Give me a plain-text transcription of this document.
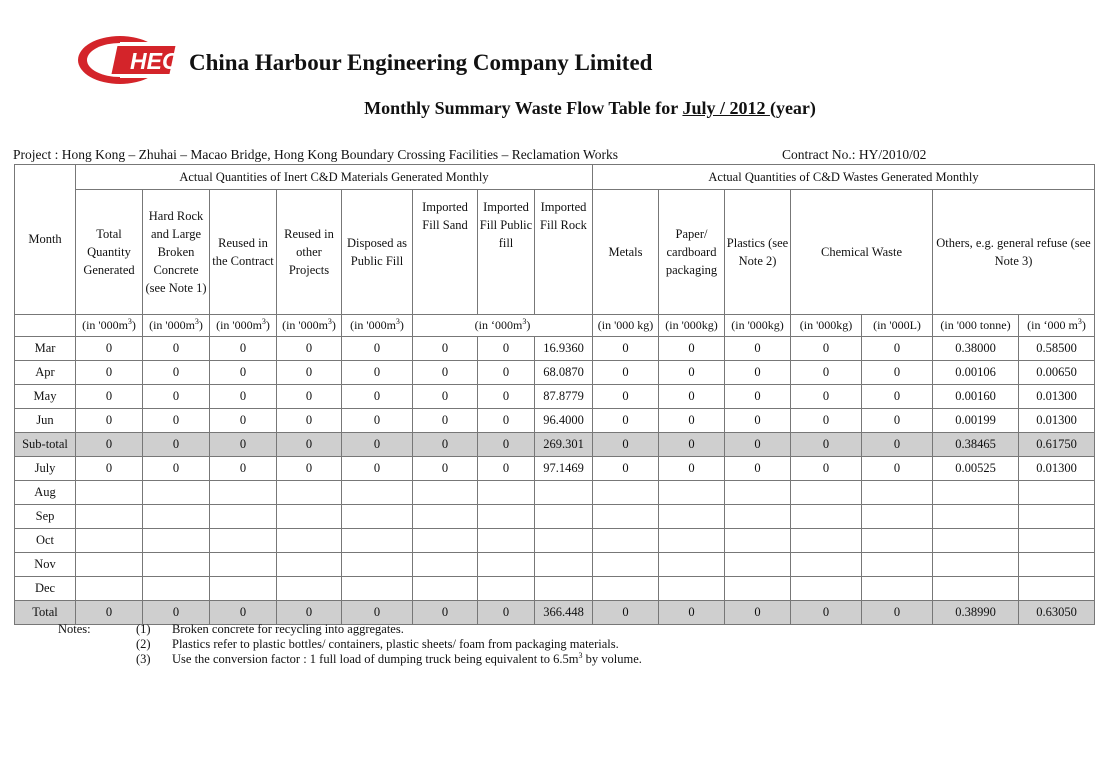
HEC China Harbour Engineering Company Limited
Monthly Summary Waste Flow Table for July / 2012 (year)
Project : Hong Kong – Zhuhai – Macao Bridge, Hong Kong Boundary Crossing Facilities – Reclamation Works	Contract No.: HY/2010/02
Month	Actual Quantities of Inert C&D Materials Generated Monthly								Actual Quantities of C&D Wastes Generated Monthly						
	Total Quantity Generated	Hard Rock and Large Broken Concrete (see Note 1)	Reused in the Contract	Reused in other Projects	Disposed as Public Fill	Imported Fill Sand	Imported Fill Public fill	Imported Fill Rock	Metals	Paper/ cardboard packaging	Plastics (see Note 2)	Chemical Waste		Others, e.g. general refuse (see Note 3)	
	(in '$000m^3$)	(in '$000m^3$)	(in '$000m^3$)	(in '$000m^3$)	(in '$000m^3$)	(in ‘$000m^3$)			(in '000 kg)	(in '000kg)	(in '000kg)	(in '000kg)	(in '000L)	(in '000 tonne)	(in ‘000 $m^3$)
Mar	0	0	0	0	0	0	0	16.9360	0	0	0	0	0	0.38000	0.58500
Apr	0	0	0	0	0	0	0	68.0870	0	0	0	0	0	0.00106	0.00650
May	0	0	0	0	0	0	0	87.8779	0	0	0	0	0	0.00160	0.01300
Jun	0	0	0	0	0	0	0	96.4000	0	0	0	0	0	0.00199	0.01300
Sub-total	0	0	0	0	0	0	0	269.301	0	0	0	0	0	0.38465	0.61750
July	0	0	0	0	0	0	0	97.1469	0	0	0	0	0	0.00525	0.01300
Aug															
Sep															
Oct															
Nov															
Dec															
Total	0	0	0	0	0	0	0	366.448	0	0	0	0	0	0.38990	0.63050
Notes:	(1) Broken concrete for recycling into aggregates.
(2) Plastics refer to plastic bottles/ containers, plastic sheets/ foam from packaging materials.
(3) Use the conversion factor : 1 full load of dumping truck being equivalent to $6.5m^3$ by volume.
